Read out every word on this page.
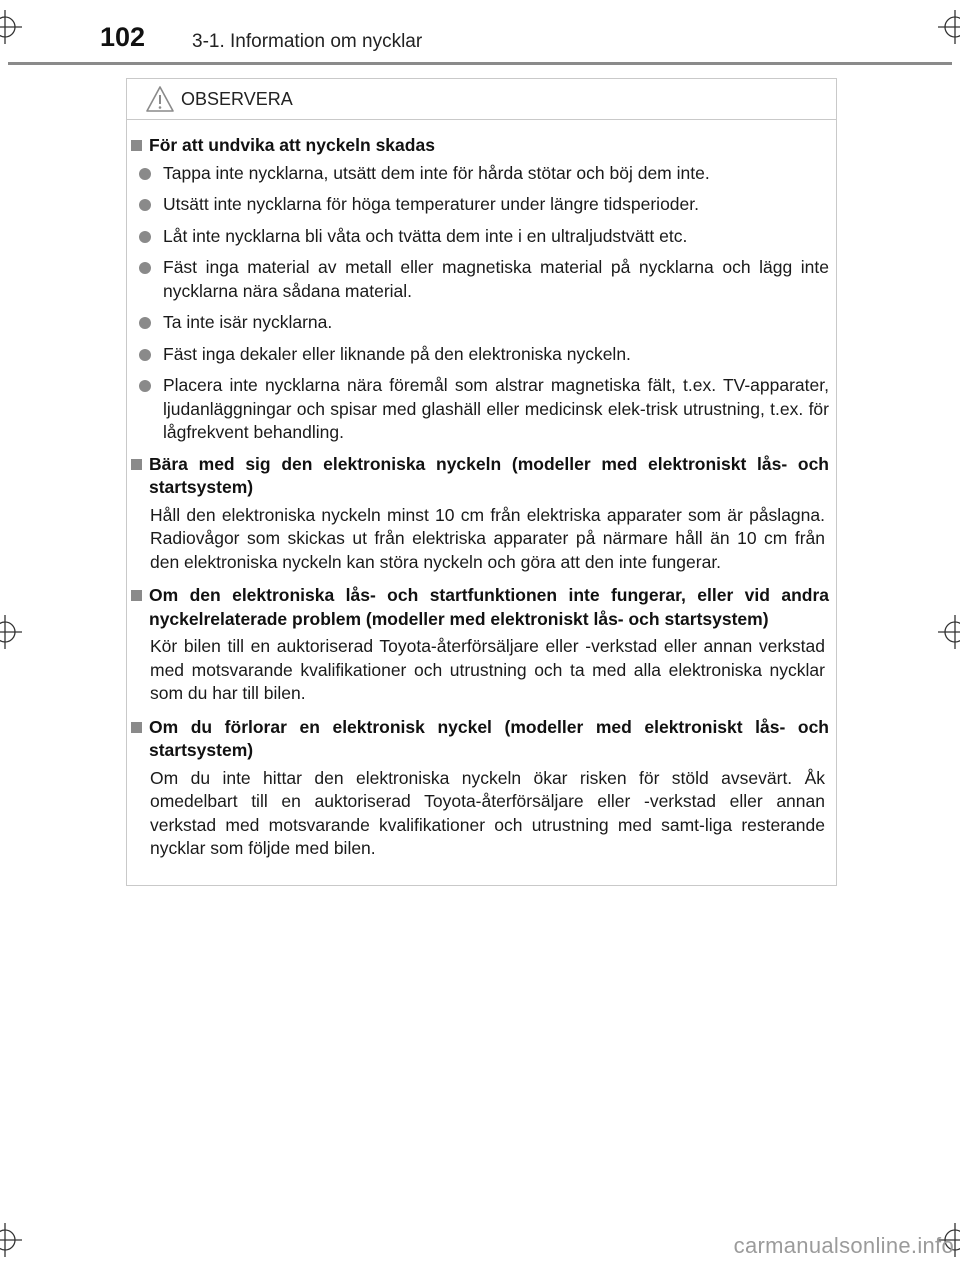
102 3-1. Information om nycklar
OBSERVERA
För att undvika att nyckeln skadas
Tappa inte nycklarna, utsätt dem inte för hårda stötar och böj dem inte.
Utsätt inte nycklarna för höga temperaturer under längre tidsperioder.
Låt inte nycklarna bli våta och tvätta dem inte i en ultraljudstvätt etc.
Fäst inga material av metall eller magnetiska material på nycklarna och lägg inte nycklarna nära sådana material.
Ta inte isär nycklarna.
Fäst inga dekaler eller liknande på den elektroniska nyckeln.
Placera inte nycklarna nära föremål som alstrar magnetiska fält, t.ex. TV-apparater, ljudanläggningar och spisar med glashäll eller medicinsk elek-trisk utrustning, t.ex. för lågfrekvent behandling.
Bära med sig den elektroniska nyckeln (modeller med elektroniskt lås- och startsystem)
Håll den elektroniska nyckeln minst 10 cm från elektriska apparater som är påslagna. Radiovågor som skickas ut från elektriska apparater på närmare håll än 10 cm från den elektroniska nyckeln kan störa nyckeln och göra att den inte fungerar.
Om den elektroniska lås- och startfunktionen inte fungerar, eller vid andra nyckelrelaterade problem (modeller med elektroniskt lås- och startsystem)
Kör bilen till en auktoriserad Toyota-återförsäljare eller -verkstad eller annan verkstad med motsvarande kvalifikationer och utrustning och ta med alla elektroniska nycklar som du har till bilen.
Om du förlorar en elektronisk nyckel (modeller med elektroniskt lås- och startsystem)
Om du inte hittar den elektroniska nyckeln ökar risken för stöld avsevärt. Åk omedelbart till en auktoriserad Toyota-återförsäljare eller -verkstad eller annan verkstad med motsvarande kvalifikationer och utrustning med samt-liga resterande nycklar som följde med bilen.
carmanualsonline.info
